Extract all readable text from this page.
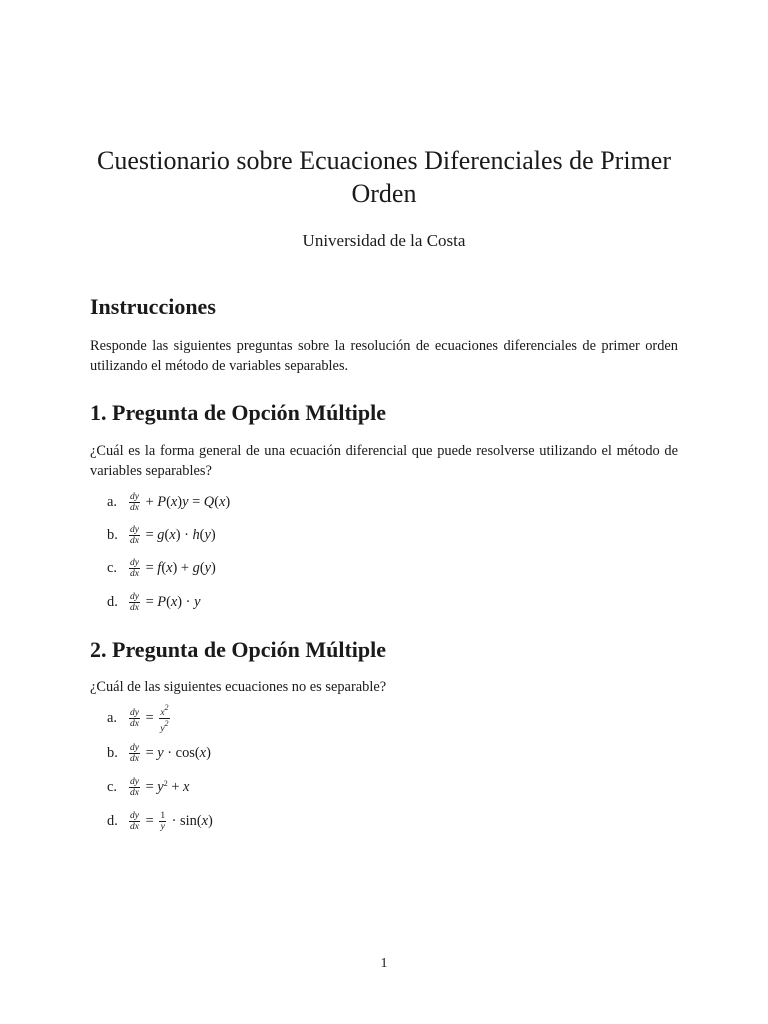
Cuestionario sobre Ecuaciones Diferenciales de Primer Orden
Universidad de la Costa
Instrucciones
Responde las siguientes preguntas sobre la resolución de ecuaciones diferenciales de primer orden utilizando el método de variables separables.
1. Pregunta de Opción Múltiple
¿Cuál es la forma general de una ecuación diferencial que puede resolverse utilizando el método de variables separables?
a.	$\frac{dy}{dx} + P(x)y = Q(x)$
b.	$\frac{dy}{dx} = g(x) \cdot h(y)$
c.	$\frac{dy}{dx} = f(x) + g(y)$
d.	$\frac{dy}{dx} = P(x) \cdot y$
2. Pregunta de Opción Múltiple
¿Cuál de las siguientes ecuaciones no es separable?
a.	$\frac{dy}{dx} = \frac{x^2}{y^2}$
b.	$\frac{dy}{dx} = y \cdot \cos(x)$
c.	$\frac{dy}{dx} = y^2 + x$
d.	$\frac{dy}{dx} = \frac{1}{y} \cdot \sin(x)$
1
